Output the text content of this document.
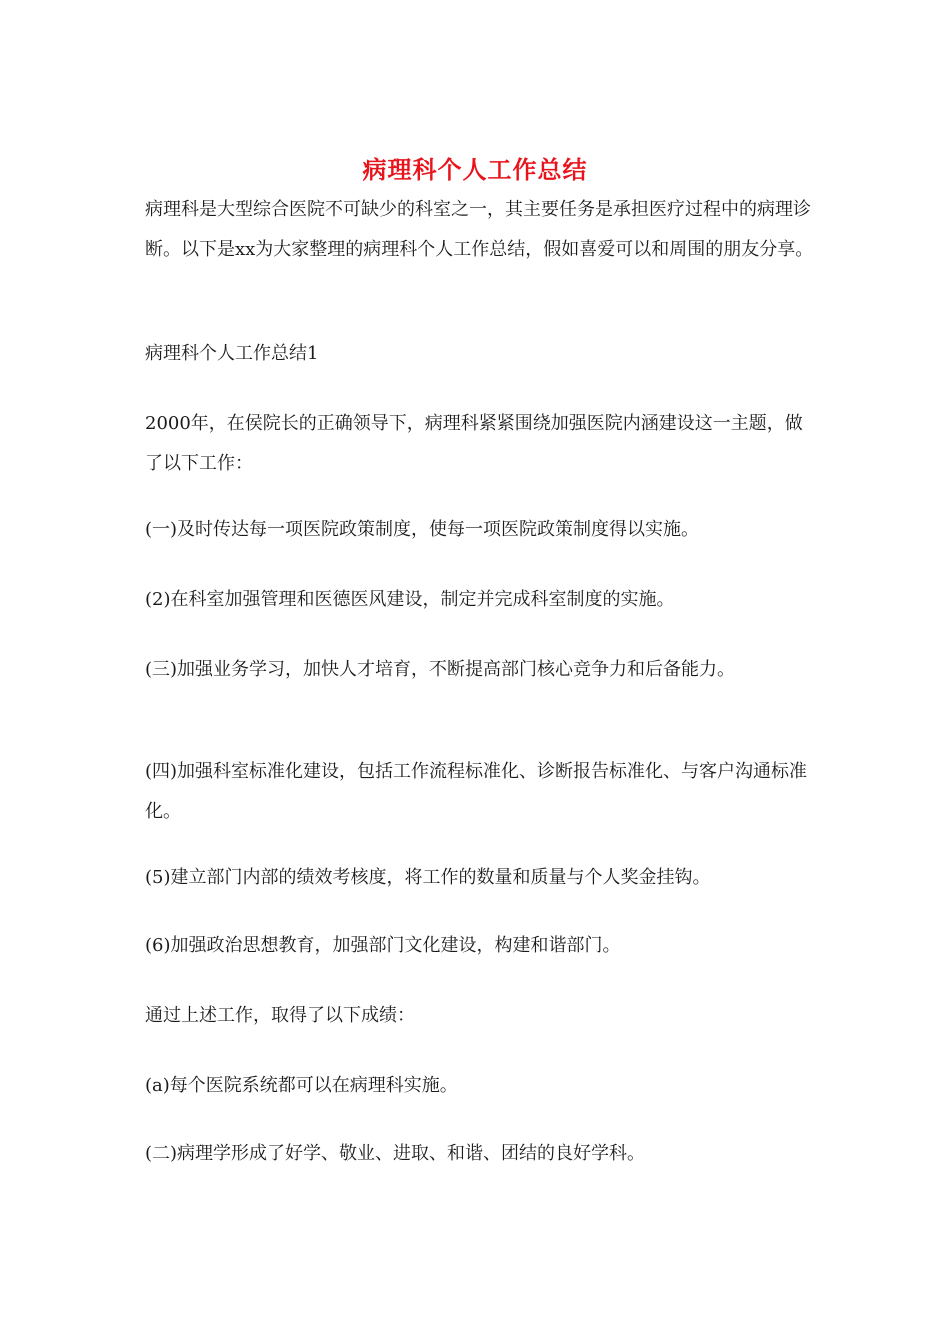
病理科个人工作总结

病理科是大型综合医院不可缺少的科室之一，其主要任务是承担医疗过程中的病理诊断。以下是xx为大家整理的病理科个人工作总结，假如喜爱可以和周围的朋友分享。

病理科个人工作总结1

2000年，在侯院长的正确领导下，病理科紧紧围绕加强医院内涵建设这一主题，做了以下工作：

(一)及时传达每一项医院政策制度，使每一项医院政策制度得以实施。

(2)在科室加强管理和医德医风建设，制定并完成科室制度的实施。

(三)加强业务学习，加快人才培育，不断提高部门核心竞争力和后备能力。

(四)加强科室标准化建设，包括工作流程标准化、诊断报告标准化、与客户沟通标准化。

(5)建立部门内部的绩效考核度，将工作的数量和质量与个人奖金挂钩。

(6)加强政治思想教育，加强部门文化建设，构建和谐部门。

通过上述工作，取得了以下成绩：

(a)每个医院系统都可以在病理科实施。

(二)病理学形成了好学、敬业、进取、和谐、团结的良好学科。
